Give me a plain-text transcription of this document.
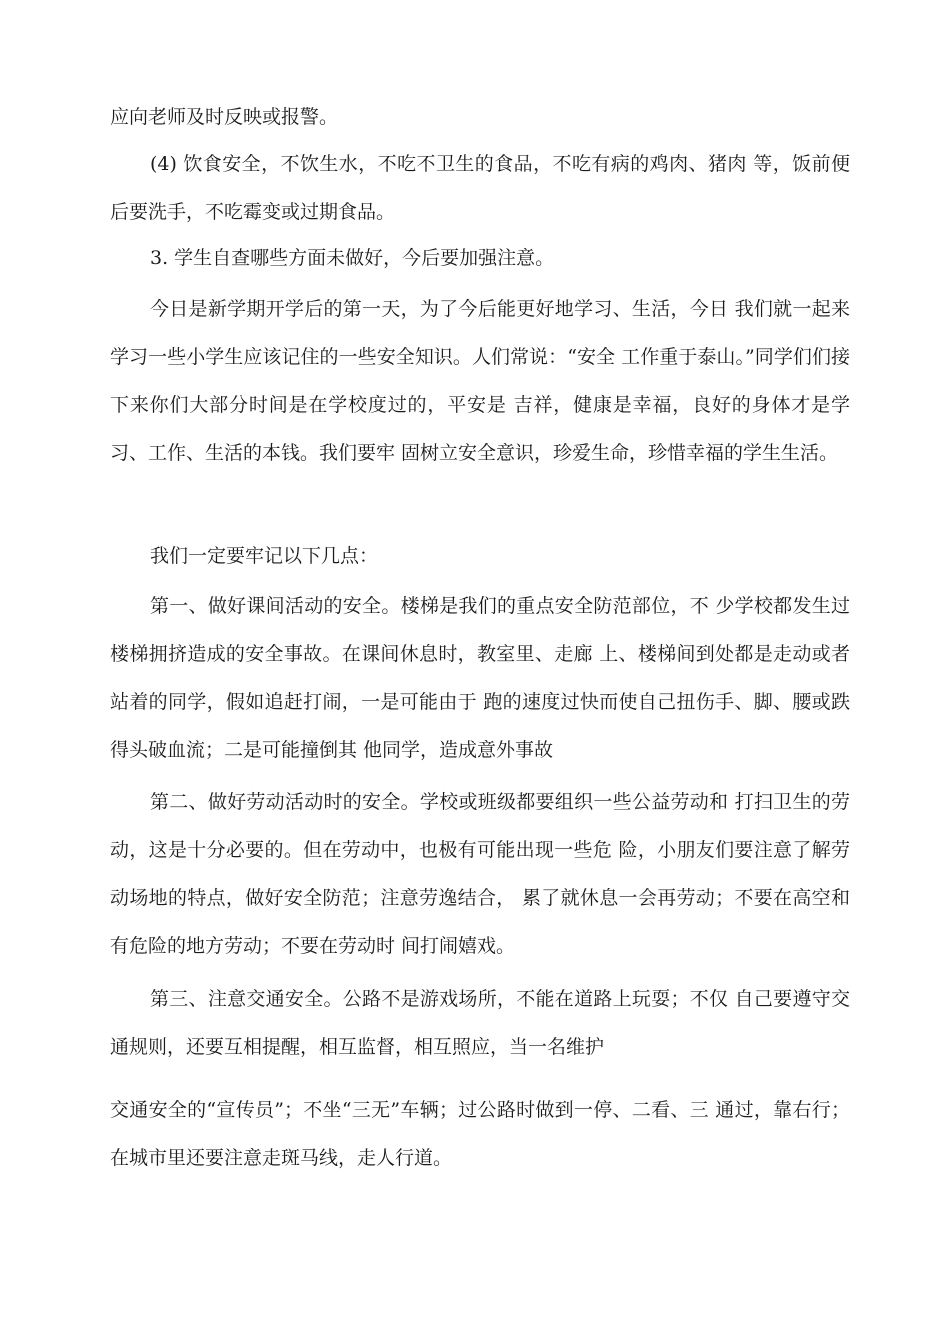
应向老师及时反映或报警。

(4) 饮食安全，不饮生水，不吃不卫生的食品，不吃有病的鸡肉、猪肉 等，饭前便后要洗手，不吃霉变或过期食品。

3. 学生自查哪些方面未做好，今后要加强注意。

今日是新学期开学后的第一天，为了今后能更好地学习、生活，今日 我们就一起来学习一些小学生应该记住的一些安全知识。人们常说：“安全 工作重于泰山。”同学们们接下来你们大部分时间是在学校度过的，平安是 吉祥，健康是幸福，良好的身体才是学习、工作、生活的本钱。我们要牢 固树立安全意识，珍爱生命，珍惜幸福的学生生活。

我们一定要牢记以下几点：

第一、做好课间活动的安全。楼梯是我们的重点安全防范部位，不 少学校都发生过楼梯拥挤造成的安全事故。在课间休息时，教室里、走廊 上、楼梯间到处都是走动或者站着的同学，假如追赶打闹，一是可能由于 跑的速度过快而使自己扭伤手、脚、腰或跌得头破血流；二是可能撞倒其 他同学，造成意外事故

第二、做好劳动活动时的安全。学校或班级都要组织一些公益劳动和 打扫卫生的劳动，这是十分必要的。但在劳动中，也极有可能出现一些危 险，小朋友们要注意了解劳动场地的特点，做好安全防范；注意劳逸结合， 累了就休息一会再劳动；不要在高空和有危险的地方劳动；不要在劳动时 间打闹嬉戏。

第三、注意交通安全。公路不是游戏场所，不能在道路上玩耍；不仅 自己要遵守交通规则，还要互相提醒，相互监督，相互照应，当一名维护

交通安全的“宣传员”；不坐“三无”车辆；过公路时做到一停、二看、三 通过，靠右行；在城市里还要注意走斑马线，走人行道。
